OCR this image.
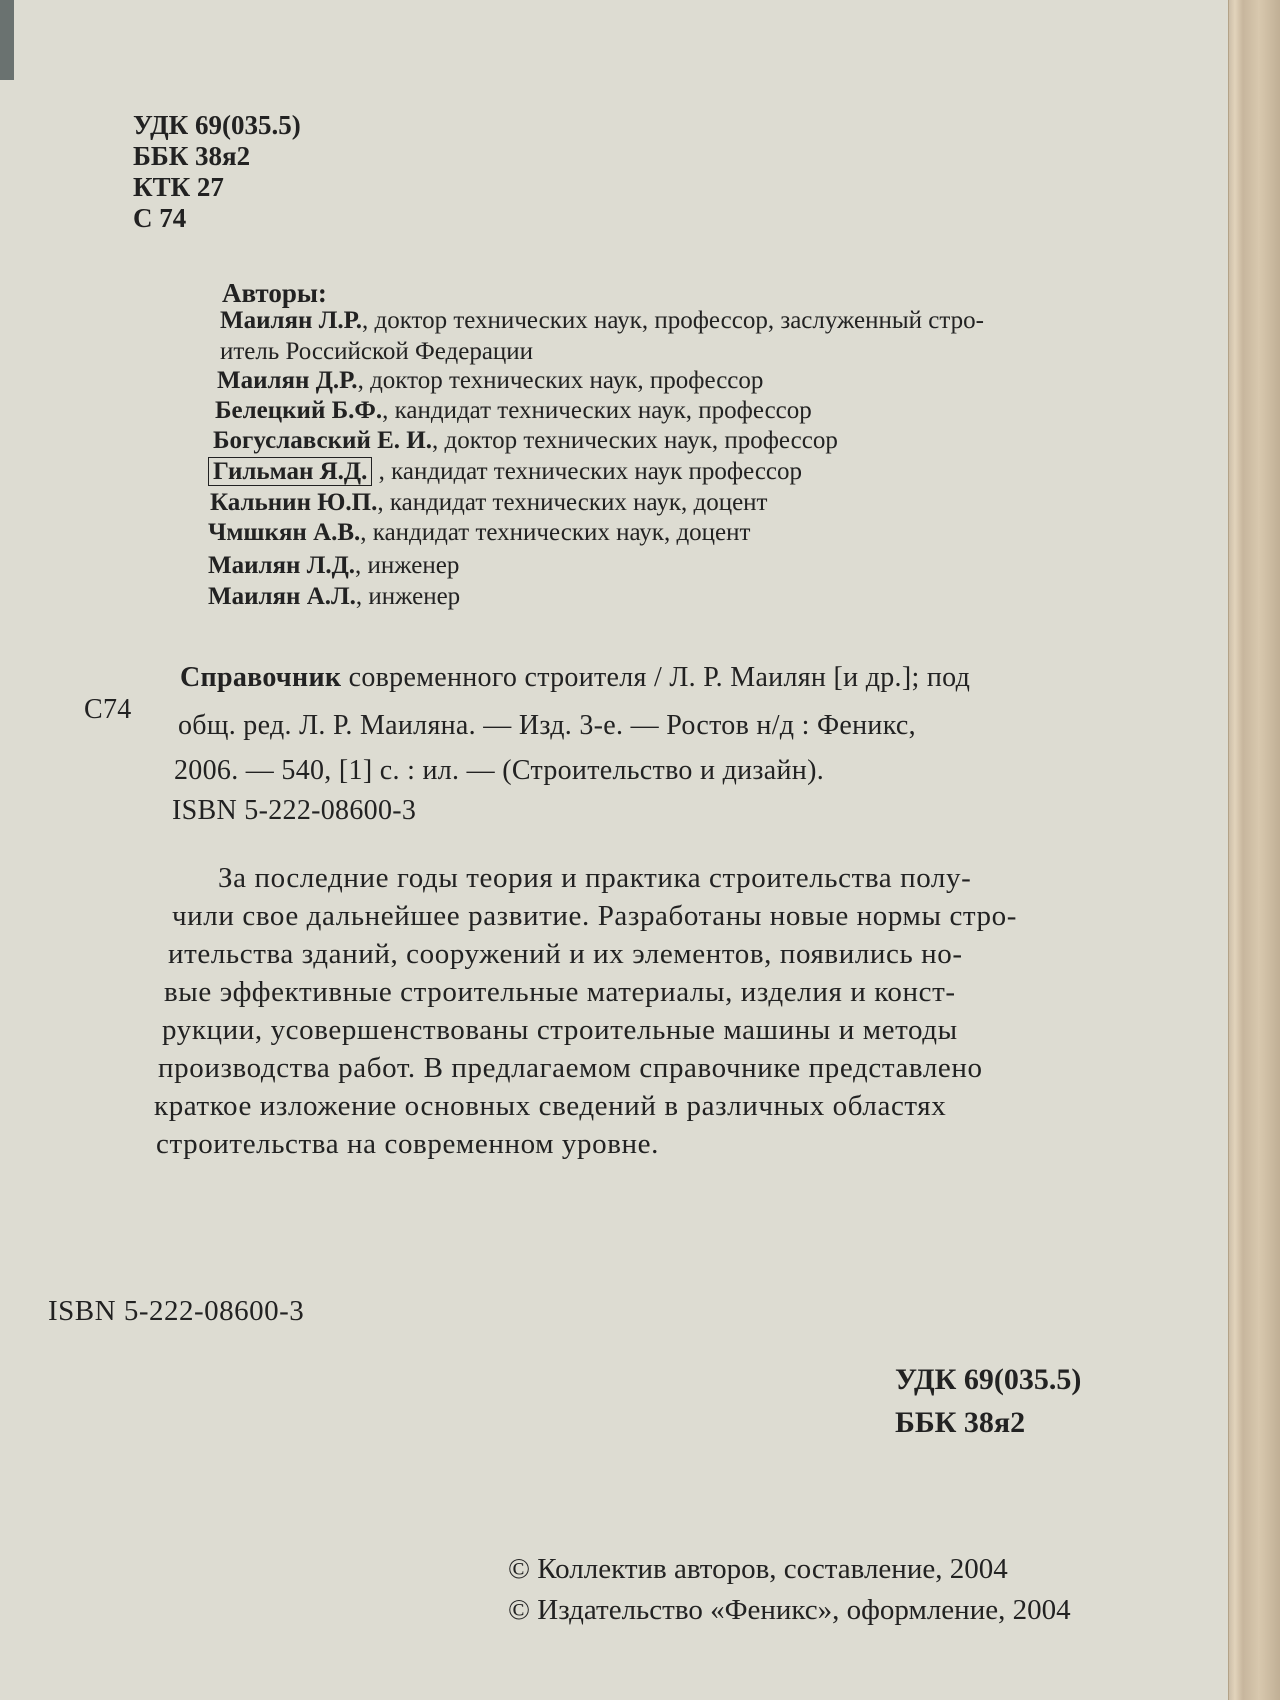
УДК 69(035.5)
ББК 38я2
КТК 27
С 74
Авторы:
Маилян Л.Р., доктор технических наук, профессор, заслуженный стро-
итель Российской Федерации
Маилян Д.Р., доктор технических наук, профессор
Белецкий Б.Ф., кандидат технических наук, профессор
Богуславский Е. И., доктор технических наук, профессор
Гильман Я.Д. , кандидат технических наук профессор
Кальнин Ю.П., кандидат технических наук, доцент
Чмшкян А.В., кандидат технических наук, доцент
Маилян Л.Д., инженер
Маилян А.Л., инженер
С74
Справочник современного строителя / Л. Р. Маилян [и др.]; под
общ. ред. Л. Р. Маиляна. — Изд. 3-е. — Ростов н/д : Феникс,
2006. — 540, [1] с. : ил. — (Строительство и дизайн).
ISBN 5-222-08600-3
За последние годы теория и практика строительства полу-
чили свое дальнейшее развитие. Разработаны новые нормы стро-
ительства зданий, сооружений и их элементов, появились но-
вые эффективные строительные материалы, изделия и конст-
рукции, усовершенствованы строительные машины и методы
производства работ. В предлагаемом справочнике представлено
краткое изложение основных сведений в различных областях
строительства на современном уровне.
ISBN 5-222-08600-3
УДК 69(035.5)
ББК 38я2
© Коллектив авторов, составление, 2004
© Издательство «Феникс», оформление, 2004
